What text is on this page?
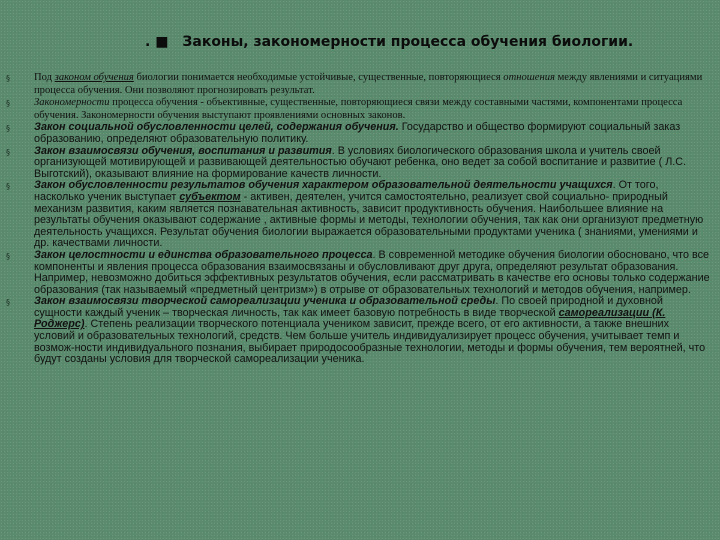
. ■ Законы, закономерности процесса обучения биологии.
§ Под законом обучения биологии понимается необходимые устойчивые, существенные, повторяющиеся отношения между явлениями и ситуациями процесса обучения. Они позволяют прогнозировать результат.
§ Закономерности процесса обучения - объективные, существенные, повторяющиеся связи между составными частями, компонентами процесса обучения. Закономерности обучения выступают проявлениями основных законов.
§ Закон социальной обусловленности целей, содержания обучения. Государство и общество формируют социальный заказ образованию, определяют образовательную политику.
§ Закон взаимосвязи обучения, воспитания и развития. В условиях биологического образования школа и учитель своей организующей мотивирующей и развивающей деятельностью обучают ребенка, оно ведет за собой воспитание и развитие ( Л.С. Выготский), оказывают влияние на формирование качеств личности.
§ Закон обусловленности результатов обучения характером образовательной деятельности учащихся. От того, насколько ученик выступает субъектом - активен, деятелен, учится самостоятельно, реализует свой социально- природный механизм развития, каким является познавательная активность, зависит продуктивность обучения. Наибольшее влияние на результаты обучения оказывают содержание , активные формы и методы, технологии обучения, так как они организуют предметную деятельность учащихся. Результат обучения биологии выражается образовательными продуктами ученика ( знаниями, умениями и др. качествами личности.
§ Закон целостности и единства образовательного процесса. В современной методике обучения биологии обосновано, что все компоненты и явления процесса образования взаимосвязаны и обусловливают друг друга, определяют результат образования. Например, невозможно добиться эффективных результатов обучения, если рассматривать в качестве его основы только содержание образования (так называемый «предметный центризм») в отрыве от образовательных технологий и методов обучения, например.
§ Закон взаимосвязи творческой самореализации ученика и образовательной среды. По своей природной и духовной сущности каждый ученик – творческая личность, так как имеет базовую потребность в виде творческой самореализации (К. Роджерс). Степень реализации творческого потенциала учеником зависит, прежде всего, от его активности, а также внешних условий и образовательных технологий, средств. Чем больше учитель индивидуализирует процесс обучения, учитывает темп и возмож-ности индивидуального познания, выбирает природосообразные технологии, методы и формы обучения, тем вероятней, что будут созданы условия для творческой самореализации ученика.
